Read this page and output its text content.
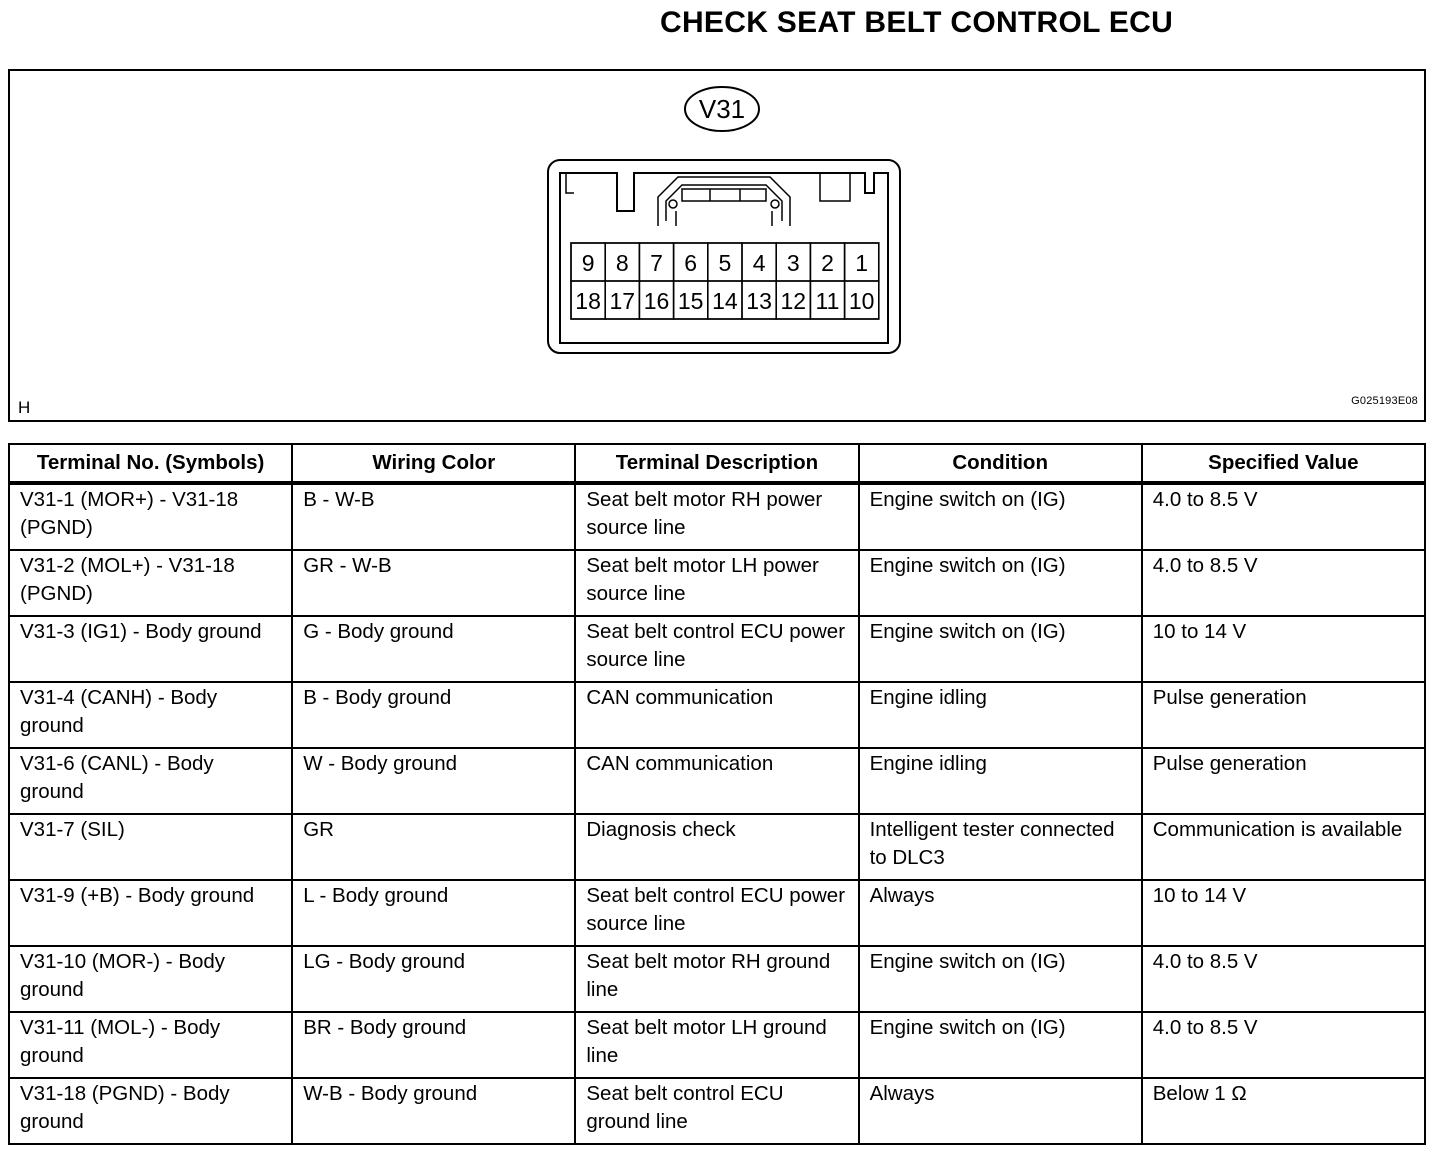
CHECK SEAT BELT CONTROL ECU
V31
9 8 7 6 5 4 3 2 1
18 17 16 15 14 13 12 11 10
H	G025193E08
Terminal No. (Symbols)	Wiring Color	Terminal Description	Condition	Specified Value
V31-1 (MOR+) - V31-18 (PGND)	B - W-B	Seat belt motor RH power source line	Engine switch on (IG)	4.0 to 8.5 V
V31-2 (MOL+) - V31-18 (PGND)	GR - W-B	Seat belt motor LH power source line	Engine switch on (IG)	4.0 to 8.5 V
V31-3 (IG1) - Body ground	G - Body ground	Seat belt control ECU power source line	Engine switch on (IG)	10 to 14 V
V31-4 (CANH) - Body ground	B - Body ground	CAN communication	Engine idling	Pulse generation
V31-6 (CANL) - Body ground	W - Body ground	CAN communication	Engine idling	Pulse generation
V31-7 (SIL)	GR	Diagnosis check	Intelligent tester connected to DLC3	Communication is available
V31-9 (+B) - Body ground	L - Body ground	Seat belt control ECU power source line	Always	10 to 14 V
V31-10 (MOR-) - Body ground	LG - Body ground	Seat belt motor RH ground line	Engine switch on (IG)	4.0 to 8.5 V
V31-11 (MOL-) - Body ground	BR - Body ground	Seat belt motor LH ground line	Engine switch on (IG)	4.0 to 8.5 V
V31-18 (PGND) - Body ground	W-B - Body ground	Seat belt control ECU ground line	Always	Below 1 Ω
